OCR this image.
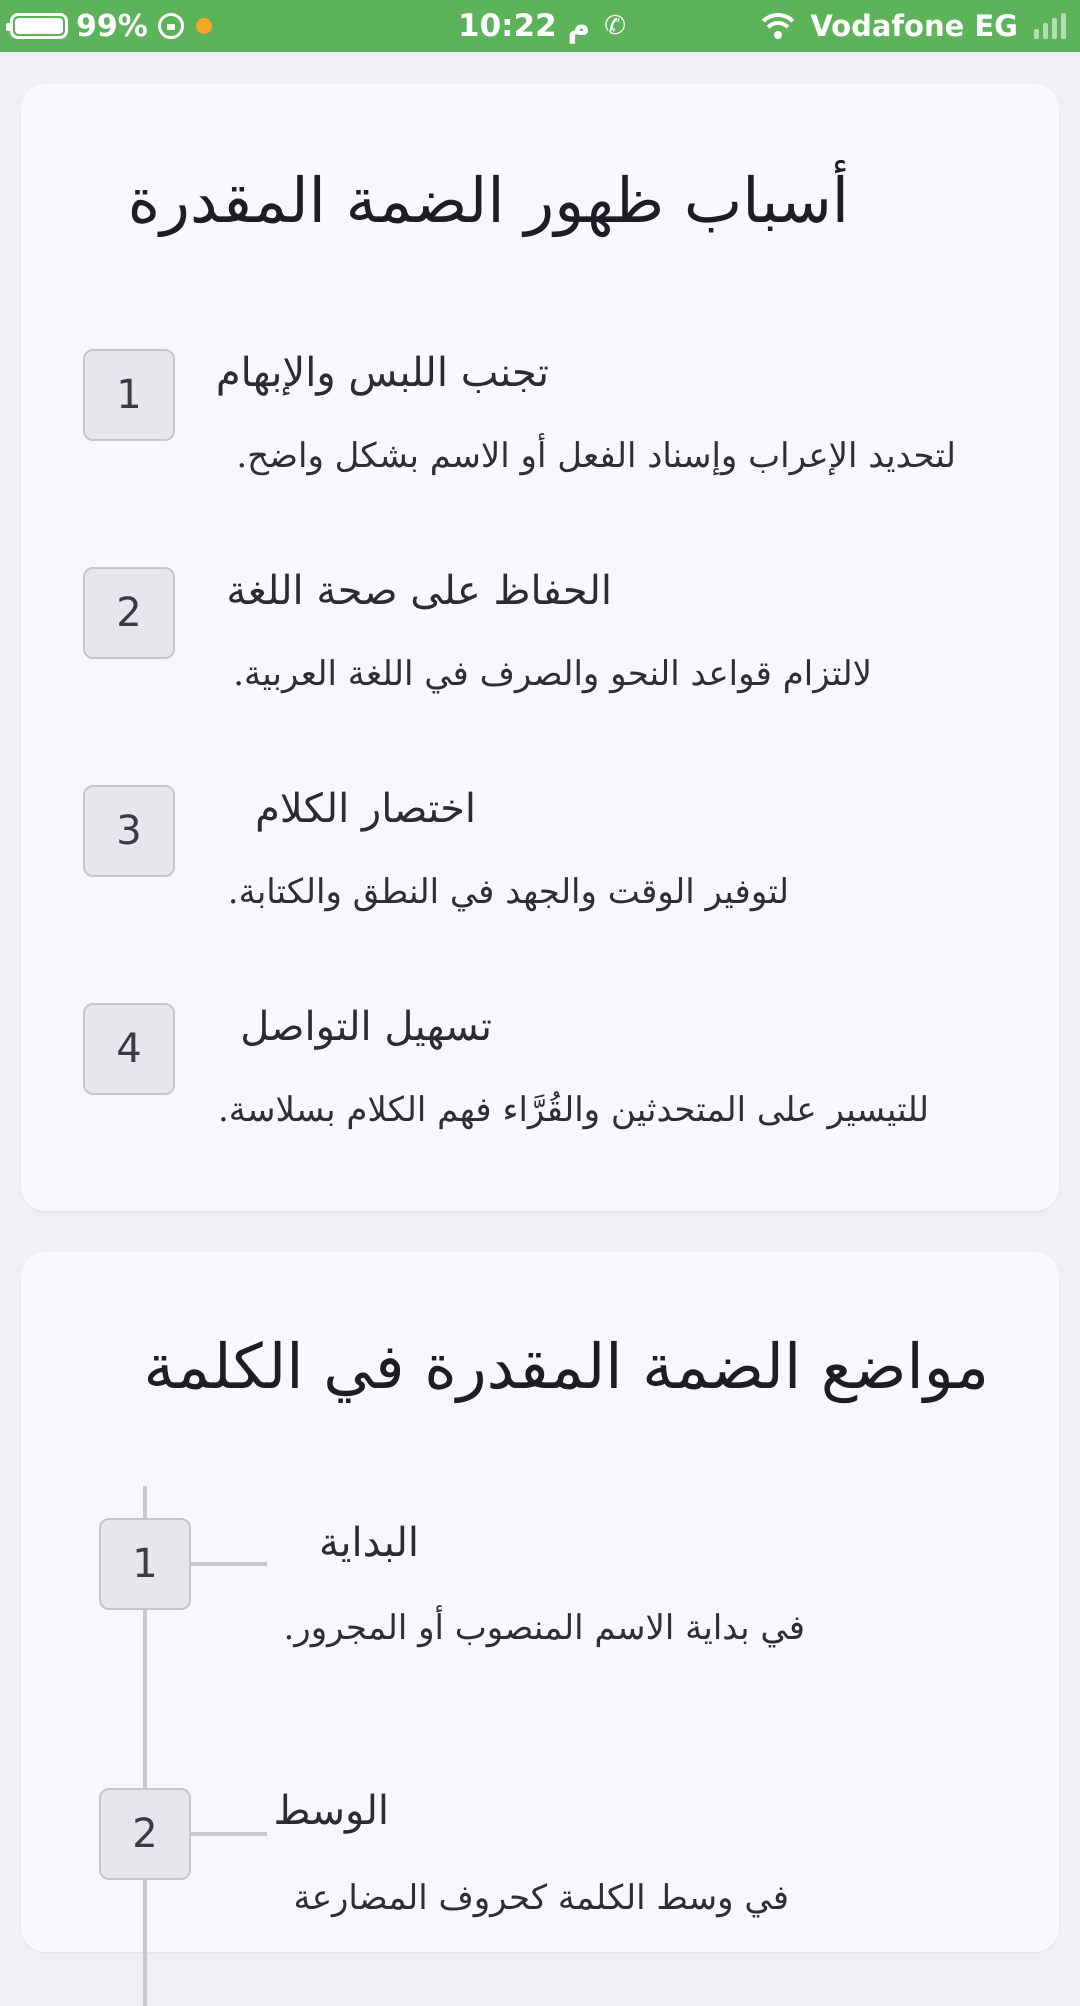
99%	10:22 م ✆	Vodafone EG
أسباب ظهور الضمة المقدرة
1	تجنب اللبس والإبهام
لتحديد الإعراب وإسناد الفعل أو الاسم بشكل واضح.
2	الحفاظ على صحة اللغة
لالتزام قواعد النحو والصرف في اللغة العربية.
3	اختصار الكلام
لتوفير الوقت والجهد في النطق والكتابة.
4	تسهيل التواصل
للتيسير على المتحدثين والقُرَّاء فهم الكلام بسلاسة.
مواضع الضمة المقدرة في الكلمة
1	البداية
في بداية الاسم المنصوب أو المجرور.
2	الوسط
في وسط الكلمة كحروف المضارعة
